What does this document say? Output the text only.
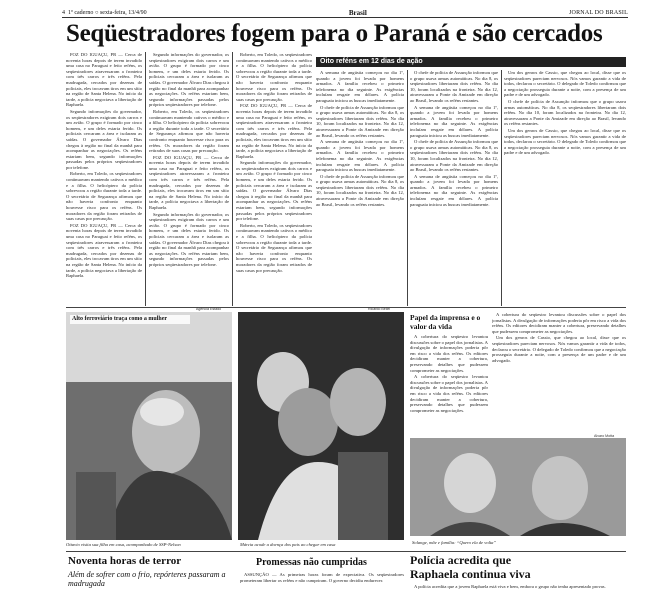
4 1º caderno ○ sexta-feira, 13/4/90	Brasil	JORNAL DO BRASIL
Seqüestradores fogem para o Paraná e são cercados

FOZ DO IGUAÇU, PR — Cerca de noventa horas depois de terem invadido uma casa no Paraguai e feito reféns, os seqüestradores atravessaram a fronteira com três carros e três reféns. Pela madrugada, cercados por dezenas de policiais, eles trocavam tiros em um sítio na região de Santa Helena. No início da tarde, a polícia negociava a libertação de Raphaela.

Segundo informações do governador, os seqüestradores exigiram dois carros e um avião. O grupo é formado por cinco homens, e um deles estaria ferido. Os policiais cercaram a área e isolaram as saídas. O governador Álvaro Dias chegou à região no final da manhã para acompanhar as negociações. Os reféns estariam bem, segundo informações passadas pelos próprios seqüestradores por telefone.

Roberto, em Toledo, os seqüestradores continuavam mantendo cativos o médico e a filha. O helicóptero da polícia sobrevoou a região durante toda a tarde. O secretário de Segurança afirmou que não haveria confronto enquanto houvesse risco para os reféns. Os moradores da região foram retirados de suas casas por precaução.

FOZ DO IGUAÇU, PR — Cerca de noventa horas depois de terem invadido uma casa no Paraguai e feito reféns, os seqüestradores atravessaram a fronteira com três carros e três reféns. Pela madrugada, cercados por dezenas de policiais, eles trocavam tiros em um sítio na região de Santa Helena. No início da tarde, a polícia negociava a libertação de Raphaela.

Segundo informações do governador, os seqüestradores exigiram dois carros e um avião. O grupo é formado por cinco homens, e um deles estaria ferido. Os policiais cercaram a área e isolaram as saídas. O governador Álvaro Dias chegou à região no final da manhã para acompanhar as negociações. Os reféns estariam bem, segundo informações passadas pelos próprios seqüestradores por telefone.

Roberto, em Toledo, os seqüestradores continuavam mantendo cativos o médico e a filha. O helicóptero da polícia sobrevoou a região durante toda a tarde. O secretário de Segurança afirmou que não haveria confronto enquanto houvesse risco para os reféns. Os moradores da região foram retirados de suas casas por precaução.

FOZ DO IGUAÇU, PR — Cerca de noventa horas depois de terem invadido uma casa no Paraguai e feito reféns, os seqüestradores atravessaram a fronteira com três carros e três reféns. Pela madrugada, cercados por dezenas de policiais, eles trocavam tiros em um sítio na região de Santa Helena. No início da tarde, a polícia negociava a libertação de Raphaela.

Segundo informações do governador, os seqüestradores exigiram dois carros e um avião. O grupo é formado por cinco homens, e um deles estaria ferido. Os policiais cercaram a área e isolaram as saídas. O governador Álvaro Dias chegou à região no final da manhã para acompanhar as negociações. Os reféns estariam bem, segundo informações passadas pelos próprios seqüestradores por telefone.

Roberto, em Toledo, os seqüestradores continuavam mantendo cativos o médico e a filha. O helicóptero da polícia sobrevoou a região durante toda a tarde. O secretário de Segurança afirmou que não haveria confronto enquanto houvesse risco para os reféns. Os moradores da região foram retirados de suas casas por precaução.

FOZ DO IGUAÇU, PR — Cerca de noventa horas depois de terem invadido uma casa no Paraguai e feito reféns, os seqüestradores atravessaram a fronteira com três carros e três reféns. Pela madrugada, cercados por dezenas de policiais, eles trocavam tiros em um sítio na região de Santa Helena. No início da tarde, a polícia negociava a libertação de Raphaela.

Segundo informações do governador, os seqüestradores exigiram dois carros e um avião. O grupo é formado por cinco homens, e um deles estaria ferido. Os policiais cercaram a área e isolaram as saídas. O governador Álvaro Dias chegou à região no final da manhã para acompanhar as negociações. Os reféns estariam bem, segundo informações passadas pelos próprios seqüestradores por telefone.

Roberto, em Toledo, os seqüestradores continuavam mantendo cativos o médico e a filha. O helicóptero da polícia sobrevoou a região durante toda a tarde. O secretário de Segurança afirmou que não haveria confronto enquanto houvesse risco para os reféns. Os moradores da região foram retirados de suas casas por precaução.

Oito reféns em 12 dias de ação

A semana de angústia começou no dia 1º, quando a jovem foi levada por homens armados. A família recebeu o primeiro telefonema no dia seguinte. As exigências incluíam resgate em dólares. A polícia paraguaia iniciou as buscas imediatamente.

O chefe de polícia de Assunção informou que o grupo usava armas automáticas. No dia 8, os seqüestradores libertaram dois reféns. No dia 10, foram localizados na fronteira. No dia 12, atravessaram a Ponte da Amizade em direção ao Brasil, levando os reféns restantes.

A semana de angústia começou no dia 1º, quando a jovem foi levada por homens armados. A família recebeu o primeiro telefonema no dia seguinte. As exigências incluíam resgate em dólares. A polícia paraguaia iniciou as buscas imediatamente.

O chefe de polícia de Assunção informou que o grupo usava armas automáticas. No dia 8, os seqüestradores libertaram dois reféns. No dia 10, foram localizados na fronteira. No dia 12, atravessaram a Ponte da Amizade em direção ao Brasil, levando os reféns restantes.

O chefe de polícia de Assunção informou que o grupo usava armas automáticas. No dia 8, os seqüestradores libertaram dois reféns. No dia 10, foram localizados na fronteira. No dia 12, atravessaram a Ponte da Amizade em direção ao Brasil, levando os reféns restantes.

A semana de angústia começou no dia 1º, quando a jovem foi levada por homens armados. A família recebeu o primeiro telefonema no dia seguinte. As exigências incluíam resgate em dólares. A polícia paraguaia iniciou as buscas imediatamente.

O chefe de polícia de Assunção informou que o grupo usava armas automáticas. No dia 8, os seqüestradores libertaram dois reféns. No dia 10, foram localizados na fronteira. No dia 12, atravessaram a Ponte da Amizade em direção ao Brasil, levando os reféns restantes.

A semana de angústia começou no dia 1º, quando a jovem foi levada por homens armados. A família recebeu o primeiro telefonema no dia seguinte. As exigências incluíam resgate em dólares. A polícia paraguaia iniciou as buscas imediatamente.

Um dos genros de Cassio, que chegou ao local, disse que os seqüestradores pareciam nervosos. Nós vamos garantir a vida de todos, declarou o secretário. O delegado de Toledo confirmou que a negociação prosseguia durante a noite, com a presença de um padre e de um advogado.

O chefe de polícia de Assunção informou que o grupo usava armas automáticas. No dia 8, os seqüestradores libertaram dois reféns. No dia 10, foram localizados na fronteira. No dia 12, atravessaram a Ponte da Amizade em direção ao Brasil, levando os reféns restantes.

Um dos genros de Cassio, que chegou ao local, disse que os seqüestradores pareciam nervosos. Nós vamos garantir a vida de todos, declarou o secretário. O delegado de Toledo confirmou que a negociação prosseguia durante a noite, com a presença de um padre e de um advogado.

Alto ferroviário traça como a mulher
Ottavio visita sua filha em casa, acompanhado de SSP-Nelson
Agência Estado
Márcia acode a doença dos pais ao chegar em casa
Ricardo Beliel
Papel da imprensa e o valor da vida

A cobertura do seqüestro levantou discussões sobre o papel dos jornalistas. A divulgação de informações poderia pôr em risco a vida dos reféns. Os editores decidiram manter a cobertura, preservando detalhes que pudessem comprometer as negociações.

A cobertura do seqüestro levantou discussões sobre o papel dos jornalistas. A divulgação de informações poderia pôr em risco a vida dos reféns. Os editores decidiram manter a cobertura, preservando detalhes que pudessem comprometer as negociações.

A cobertura do seqüestro levantou discussões sobre o papel dos jornalistas. A divulgação de informações poderia pôr em risco a vida dos reféns. Os editores decidiram manter a cobertura, preservando detalhes que pudessem comprometer as negociações.

Um dos genros de Cassio, que chegou ao local, disse que os seqüestradores pareciam nervosos. Nós vamos garantir a vida de todos, declarou o secretário. O delegado de Toledo confirmou que a negociação prosseguia durante a noite, com a presença de um padre e de um advogado.

Solange, mãe e família: “Quero ela de volta”
Alvaro Motta
Noventa horas de terror
Além de sofrer com o frio, repórteres passaram a madrugada
Promessas não cumpridas

ASSUNÇÃO — As primeiras horas foram de expectativa. Os seqüestradores prometeram libertar os reféns e não cumpriram. O governo decidiu endurecer.

Polícia acredita que
Raphaela continua viva

A polícia acredita que a jovem Raphaela está viva e bem, embora o grupo não tenha apresentado provas.
